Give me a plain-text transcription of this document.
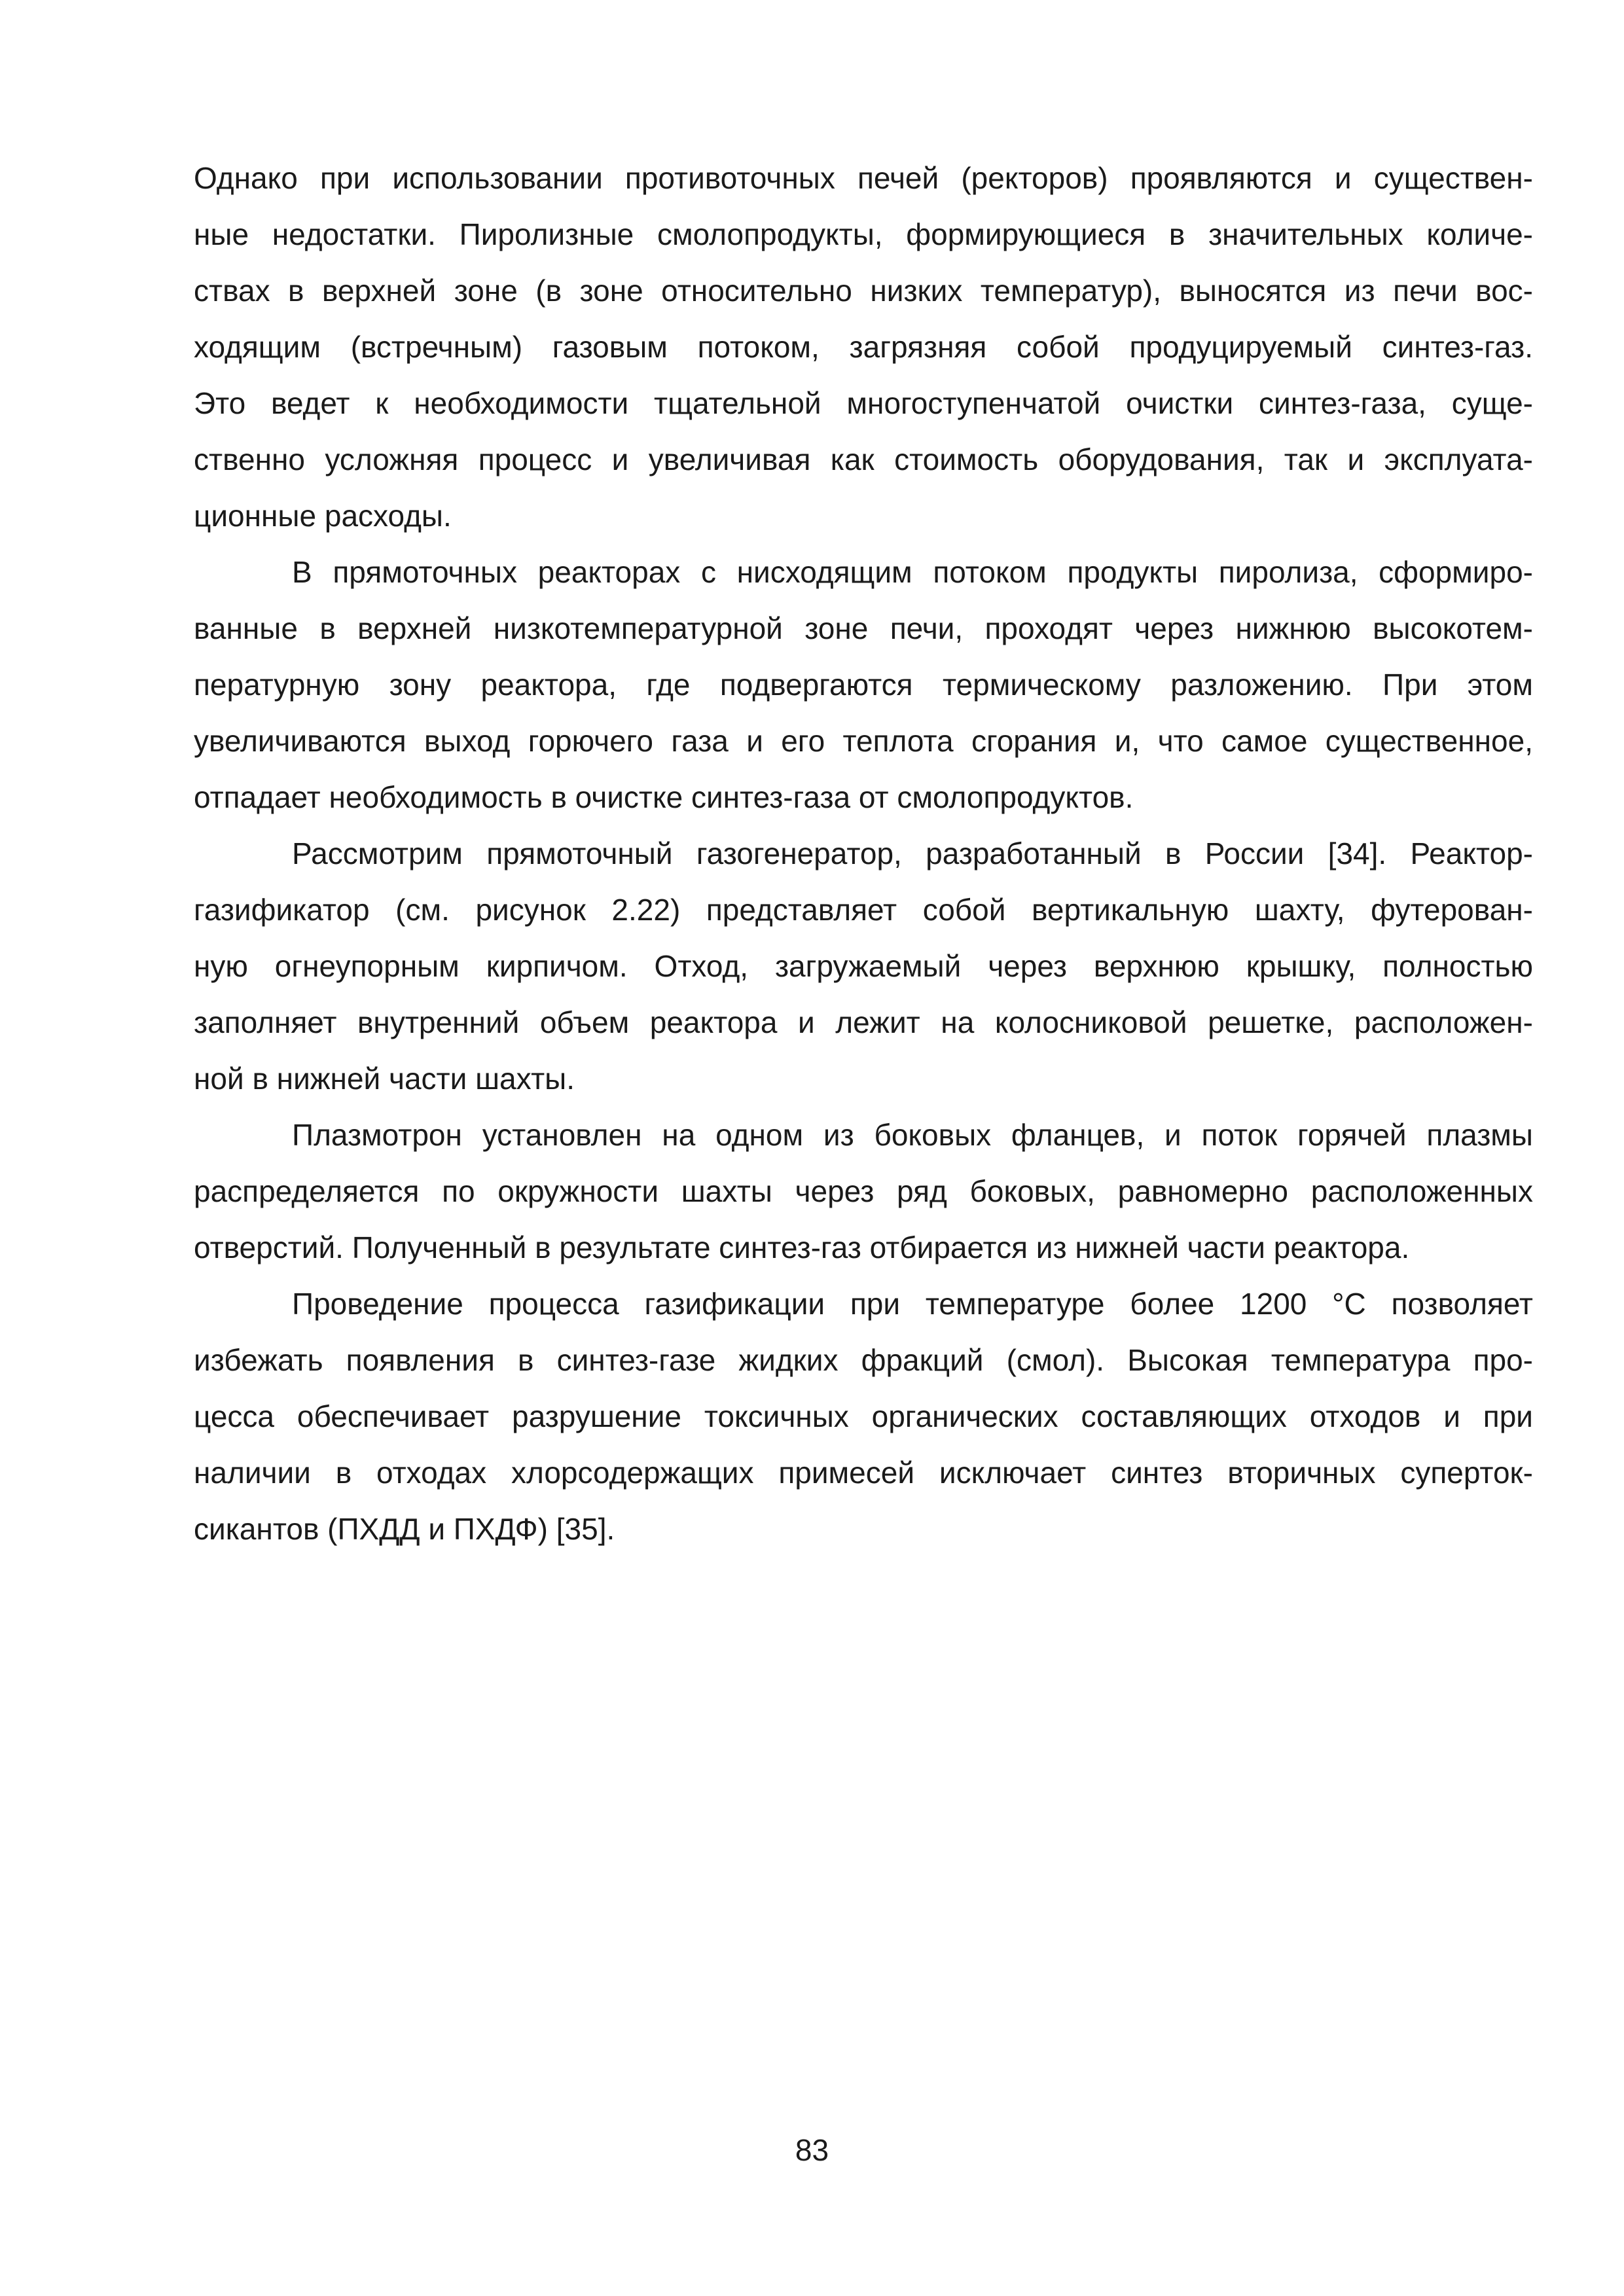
Однако при использовании противоточных печей (ректоров) проявляются и существен-
ные недостатки. Пиролизные смолопродукты, формирующиеся в значительных количе-
ствах в верхней зоне (в зоне относительно низких температур), выносятся из печи вос-
ходящим (встречным) газовым потоком, загрязняя собой продуцируемый синтез-газ.
Это ведет к необходимости тщательной многоступенчатой очистки синтез-газа, суще-
ственно усложняя процесс и увеличивая как стоимость оборудования, так и эксплуата-
ционные расходы.
В прямоточных реакторах с нисходящим потоком продукты пиролиза, сформиро-
ванные в верхней низкотемпературной зоне печи, проходят через нижнюю высокотем-
пературную зону реактора, где подвергаются термическому разложению. При этом
увеличиваются выход горючего газа и его теплота сгорания и, что самое существенное,
отпадает необходимость в очистке синтез-газа от смолопродуктов.
Рассмотрим прямоточный газогенератор, разработанный в России [34]. Реактор-
газификатор (см. рисунок 2.22) представляет собой вертикальную шахту, футерован-
ную огнеупорным кирпичом. Отход, загружаемый через верхнюю крышку, полностью
заполняет внутренний объем реактора и лежит на колосниковой решетке, расположен-
ной в нижней части шахты.
Плазмотрон установлен на одном из боковых фланцев, и поток горячей плазмы
распределяется по окружности шахты через ряд боковых, равномерно расположенных
отверстий. Полученный в результате синтез-газ отбирается из нижней части реактора.
Проведение процесса газификации при температуре более 1200 °С позволяет
избежать появления в синтез-газе жидких фракций (смол). Высокая температура про-
цесса обеспечивает разрушение токсичных органических составляющих отходов и при
наличии в отходах хлорсодержащих примесей исключает синтез вторичных суперток-
сикантов (ПХДД и ПХДФ) [35].
83
